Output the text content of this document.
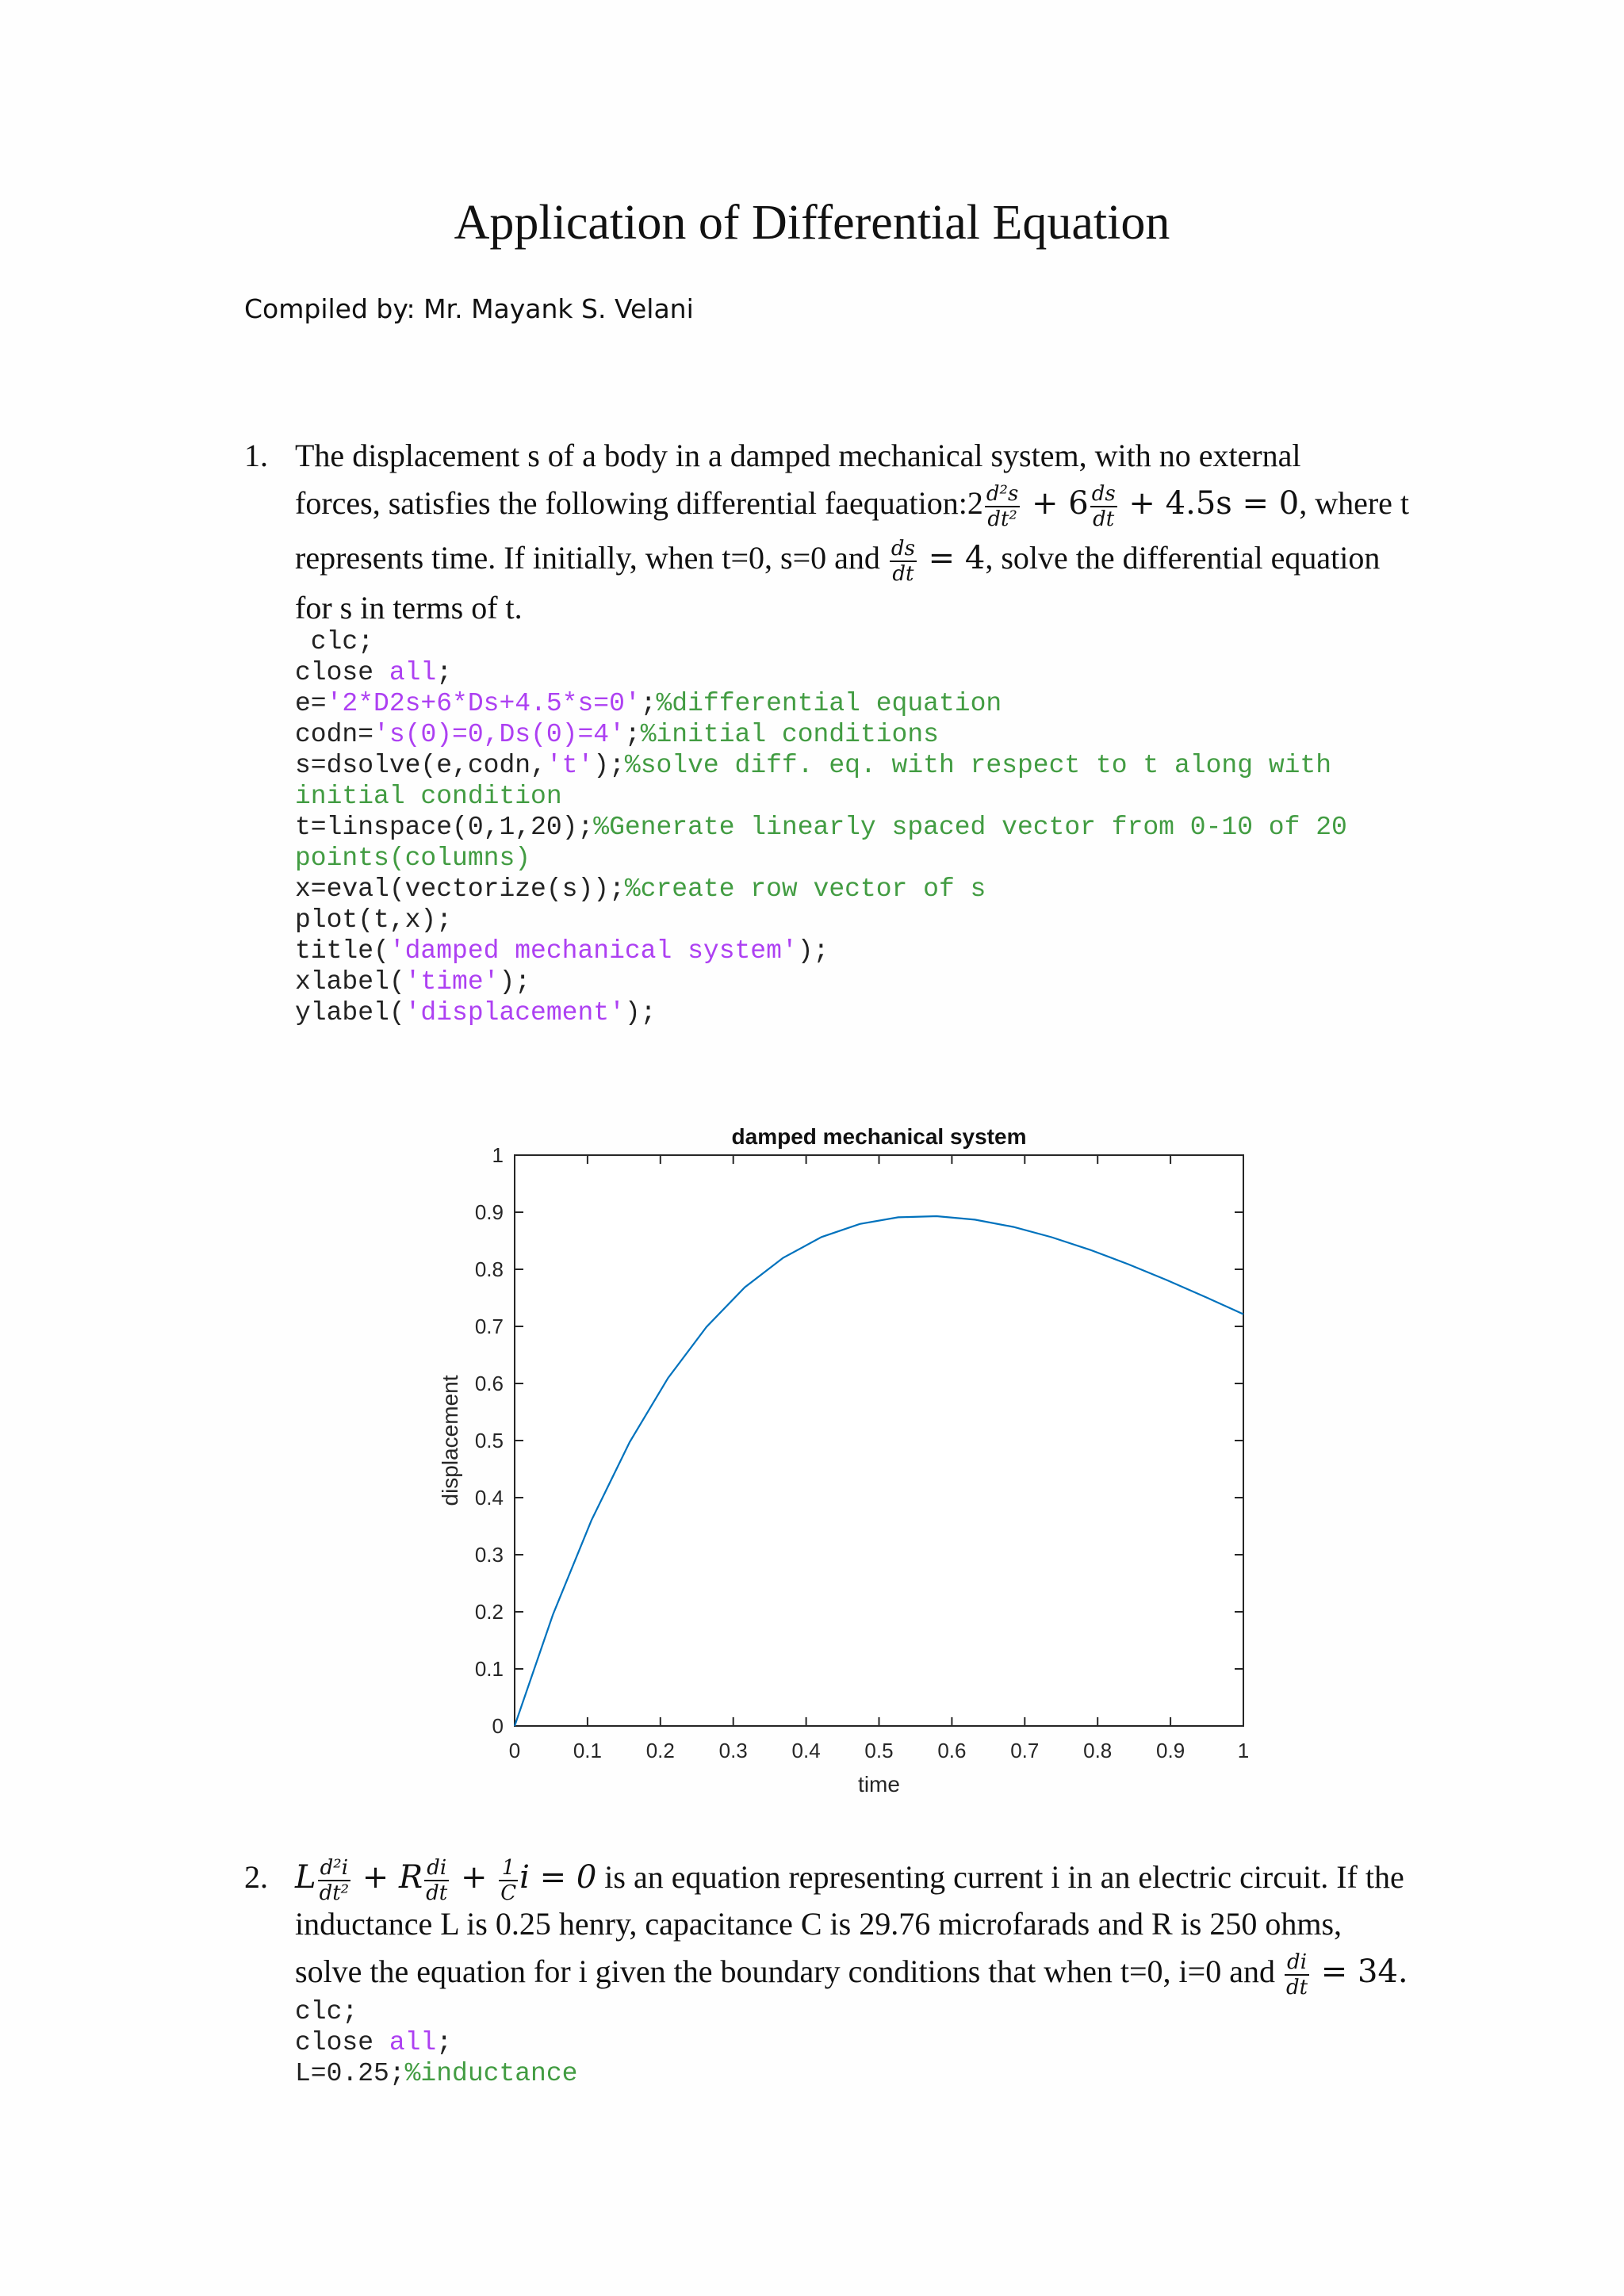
Application of Differential Equation
Compiled by: Mr. Mayank S. Velani
1. The displacement s of a body in a damped mechanical system, with no external
forces, satisfies the following differential faequation:2 $\frac{\text{d²s}}{\text{dt²}} + 6 \frac{ds}{dt} + 4.5s = 0$, where t
represents time. If initially, when t=0, s=0 and $\frac{ds}{dt} = 4$, solve the differential equation
for s in terms of t.
clc;
close all;
e='2*D2s+6*Ds+4.5*s=0';%differential equation
codn='s(0)=0,Ds(0)=4';%initial conditions
s=dsolve(e,codn,'t');%solve diff. eq. with respect to t along with
initial condition
t=linspace(0,1,20);%Generate linearly spaced vector from 0-10 of 20
points(columns)
x=eval(vectorize(s));%create row vector of s
plot(t,x);
title('damped mechanical system');
xlabel('time');
ylabel('displacement');
0	0.1 0.2 0.3 0.4 0.5 0.6 0.7 0.8 0.9	1
0
0.1
0.2
0.3
0.4
0.5
0.6
0.7
0.8
0.9
1
damped mechanical system
time
displacement
2. L $\frac{\text{d²i}}{\text{dt²}} + R \frac{di}{dt} + \frac{1}{C}$ i = 0 is an equation representing current i in an electric circuit. If the
inductance L is 0.25 henry, capacitance C is 29.76 microfarads and R is 250 ohms,
solve the equation for i given the boundary conditions that when t=0, i=0 and $\frac{di}{dt} = 34$.
clc;
close all;
L=0.25;%inductance
